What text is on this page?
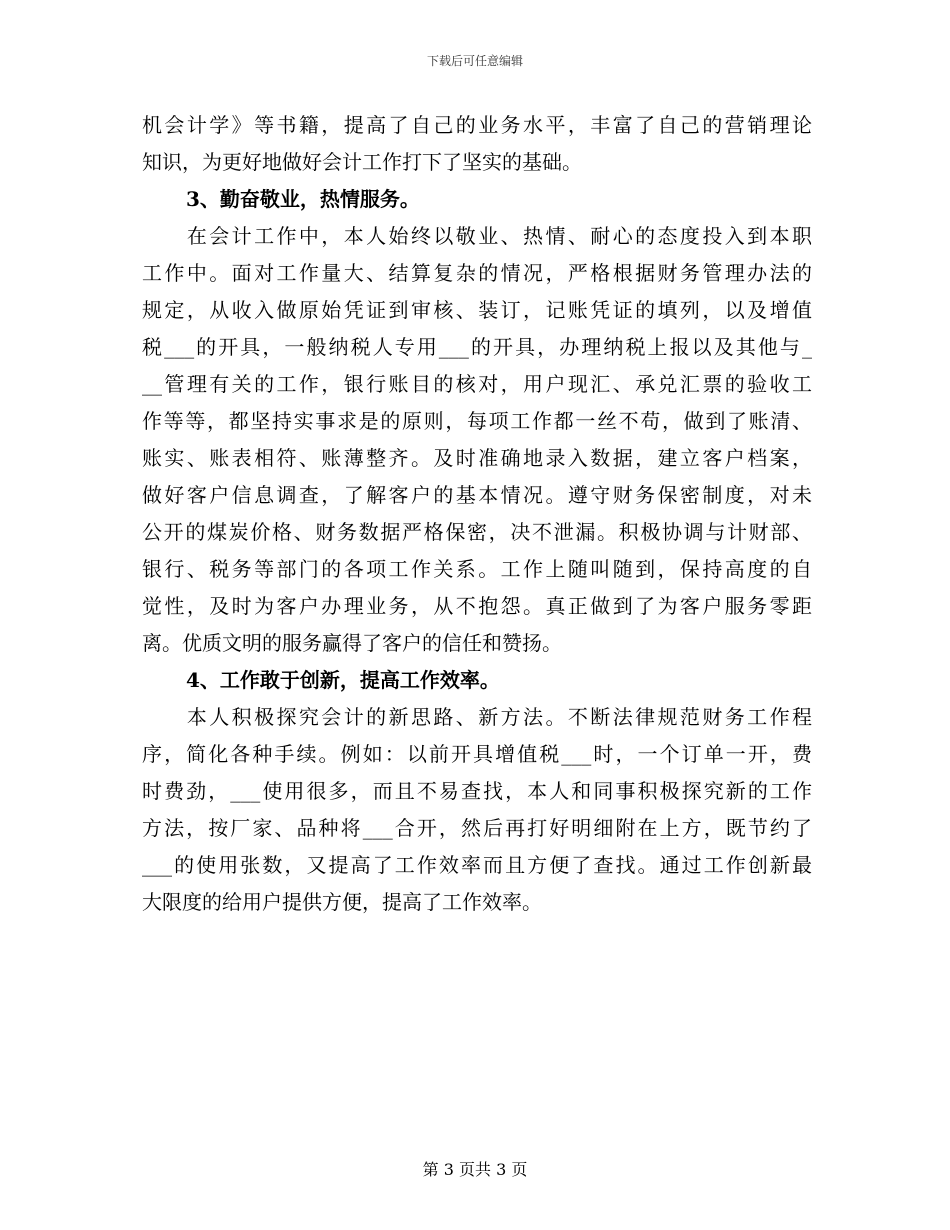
下载后可任意编辑
机会计学》等书籍，提高了自己的业务水平，丰富了自己的营销理论
知识，为更好地做好会计工作打下了坚实的基础。
3、勤奋敬业，热情服务。
　　在会计工作中，本人始终以敬业、热情、耐心的态度投入到本职
工作中。面对工作量大、结算复杂的情况，严格根据财务管理办法的
规定，从收入做原始凭证到审核、装订，记账凭证的填列，以及增值
税___的开具，一般纳税人专用___的开具，办理纳税上报以及其他与_
__管理有关的工作，银行账目的核对，用户现汇、承兑汇票的验收工
作等等，都坚持实事求是的原则，每项工作都一丝不苟，做到了账清、
账实、账表相符、账薄整齐。及时准确地录入数据，建立客户档案，
做好客户信息调查，了解客户的基本情况。遵守财务保密制度，对未
公开的煤炭价格、财务数据严格保密，决不泄漏。积极协调与计财部、
银行、税务等部门的各项工作关系。工作上随叫随到，保持高度的自
觉性，及时为客户办理业务，从不抱怨。真正做到了为客户服务零距
离。优质文明的服务赢得了客户的信任和赞扬。
4、工作敢于创新，提高工作效率。
　　本人积极探究会计的新思路、新方法。不断法律规范财务工作程
序，简化各种手续。例如：以前开具增值税___时，一个订单一开，费
时费劲，___使用很多，而且不易查找，本人和同事积极探究新的工作
方法，按厂家、品种将___合开，然后再打好明细附在上方，既节约了
___的使用张数，又提高了工作效率而且方便了查找。通过工作创新最
大限度的给用户提供方便，提高了工作效率。
第 3 页共 3 页
